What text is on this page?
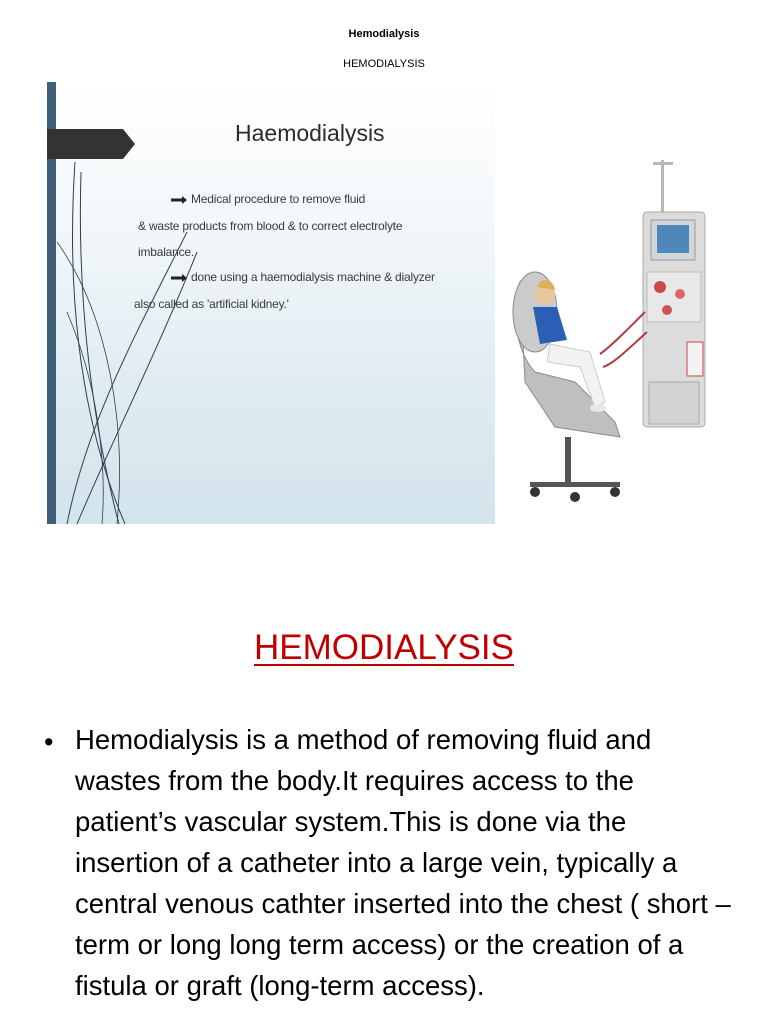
Hemodialysis
HEMODIALYSIS
Haemodialysis
Medical procedure to remove fluid
& waste products from blood & to correct electrolyte
imbalance.
done using a haemodialysis machine & dialyzer
also called as 'artificial kidney.'
HEMODIALYSIS
• Hemodialysis is a method of removing fluid and wastes from the body.It requires access to the patient’s vascular system.This is done via the insertion of a catheter into a large vein, typically a central venous cathter inserted into the chest ( short – term or long long term access) or the creation of a fistula or graft (long-term access).
